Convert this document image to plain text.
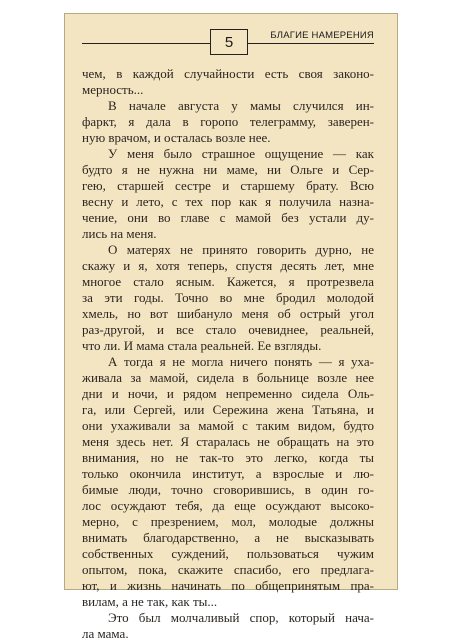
5	БЛАГИЕ НАМЕРЕНИЯ
чем, в каждой случайности есть своя законо-
мерность...
В начале августа у мамы случился ин-
фаркт, я дала в горопо телеграмму, заверен-
ную врачом, и осталась возле нее.
У меня было страшное ощущение — как
будто я не нужна ни маме, ни Ольге и Сер-
гею, старшей сестре и старшему брату. Всю
весну и лето, с тех пор как я получила назна-
чение, они во главе с мамой без устали ду-
лись на меня.
О матерях не принято говорить дурно, не
скажу и я, хотя теперь, спустя десять лет, мне
многое стало ясным. Кажется, я протрезвела
за эти годы. Точно во мне бродил молодой
хмель, но вот шибануло меня об острый угол
раз-другой, и все стало очевиднее, реальней,
что ли. И мама стала реальней. Ее взгляды.
А тогда я не могла ничего понять — я уха-
живала за мамой, сидела в больнице возле нее
дни и ночи, и рядом непременно сидела Оль-
га, или Сергей, или Сережина жена Татьяна, и
они ухаживали за мамой с таким видом, будто
меня здесь нет. Я старалась не обращать на это
внимания, но не так-то это легко, когда ты
только окончила институт, а взрослые и лю-
бимые люди, точно сговорившись, в один го-
лос осуждают тебя, да еще осуждают высоко-
мерно, с презрением, мол, молодые должны
внимать благодарственно, а не высказывать
собственных суждений, пользоваться чужим
опытом, пока, скажите спасибо, его предлага-
ют, и жизнь начинать по общепринятым пра-
вилам, а не так, как ты...
Это был молчаливый спор, который нача-
ла мама.
